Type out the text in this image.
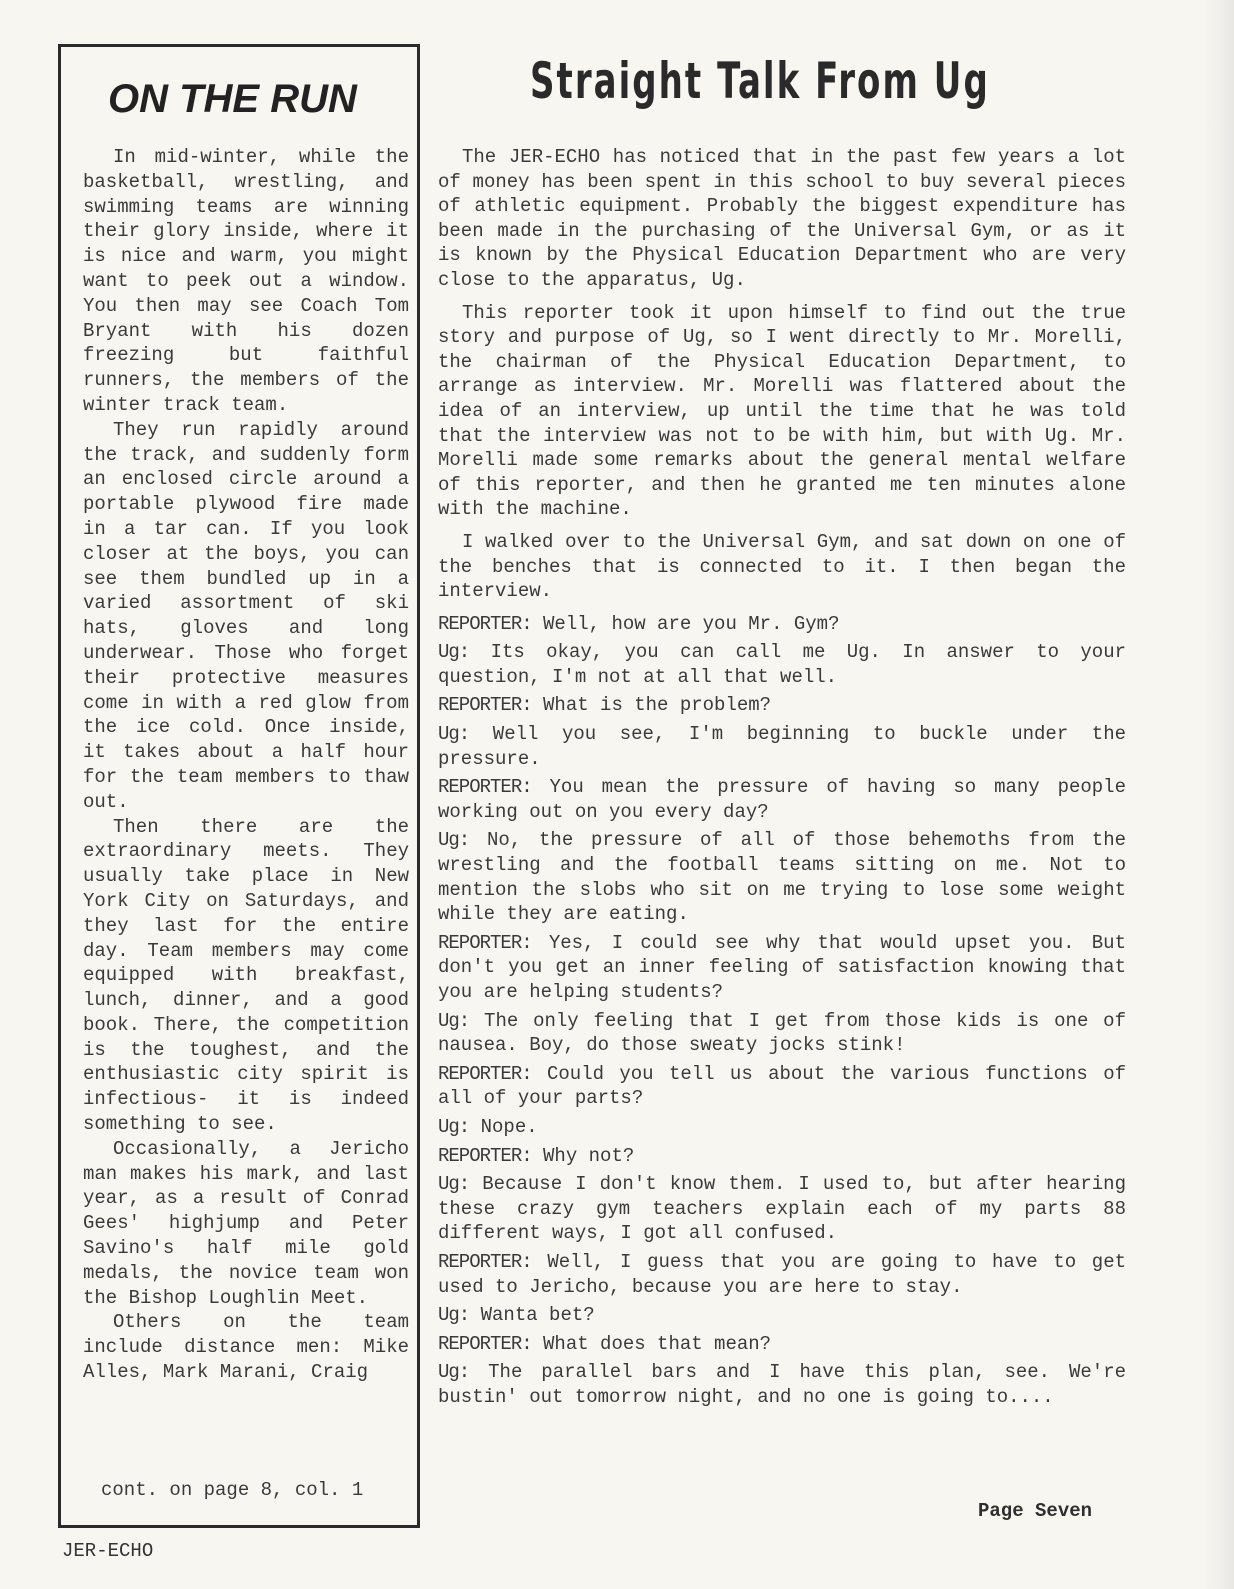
ON THE RUN

In mid-winter, while the basketball, wrestling, and swimming teams are winning their glory inside, where it is nice and warm, you might want to peek out a window. You then may see Coach Tom Bryant with his dozen freezing but faithful runners, the members of the winter track team.

They run rapidly around the track, and suddenly form an enclosed circle around a portable plywood fire made in a tar can. If you look closer at the boys, you can see them bundled up in a varied assortment of ski hats, gloves and long underwear. Those who forget their protective measures come in with a red glow from the ice cold. Once inside, it takes about a half hour for the team members to thaw out.

Then there are the extraordinary meets. They usually take place in New York City on Saturdays, and they last for the entire day. Team members may come equipped with breakfast, lunch, dinner, and a good book. There, the competition is the toughest, and the enthusiastic city spirit is infectious- it is indeed something to see.

Occasionally, a Jericho man makes his mark, and last year, as a result of Conrad Gees' highjump and Peter Savino's half mile gold medals, the novice team won the Bishop Loughlin Meet.

Others on the team include distance men: Mike Alles, Mark Marani, Craig

cont. on page 8, col. 1
Straight Talk From Ug

The JER-ECHO has noticed that in the past few years a lot of money has been spent in this school to buy several pieces of athletic equipment. Probably the biggest expenditure has been made in the purchasing of the Universal Gym, or as it is known by the Physical Education Department who are very close to the apparatus, Ug.

This reporter took it upon himself to find out the true story and purpose of Ug, so I went directly to Mr. Morelli, the chairman of the Physical Education Department, to arrange as interview. Mr. Morelli was flattered about the idea of an interview, up until the time that he was told that the interview was not to be with him, but with Ug. Mr. Morelli made some remarks about the general mental welfare of this reporter, and then he granted me ten minutes alone with the machine.

I walked over to the Universal Gym, and sat down on one of the benches that is connected to it. I then began the interview.

REPORTER: Well, how are you Mr. Gym?
Ug: Its okay, you can call me Ug. In answer to your question, I'm not at all that well.
REPORTER: What is the problem?
Ug: Well you see, I'm beginning to buckle under the pressure.
REPORTER: You mean the pressure of having so many people working out on you every day?
Ug: No, the pressure of all of those behemoths from the wrestling and the football teams sitting on me. Not to mention the slobs who sit on me trying to lose some weight while they are eating.
REPORTER: Yes, I could see why that would upset you. But don't you get an inner feeling of satisfaction knowing that you are helping students?
Ug: The only feeling that I get from those kids is one of nausea. Boy, do those sweaty jocks stink!
REPORTER: Could you tell us about the various functions of all of your parts?
Ug: Nope.
REPORTER: Why not?
Ug: Because I don't know them. I used to, but after hearing these crazy gym teachers explain each of my parts 88 different ways, I got all confused.
REPORTER: Well, I guess that you are going to have to get used to Jericho, because you are here to stay.
Ug: Wanta bet?
REPORTER: What does that mean?
Ug: The parallel bars and I have this plan, see. We're bustin' out tomorrow night, and no one is going to....
Page Seven
JER-ECHO
